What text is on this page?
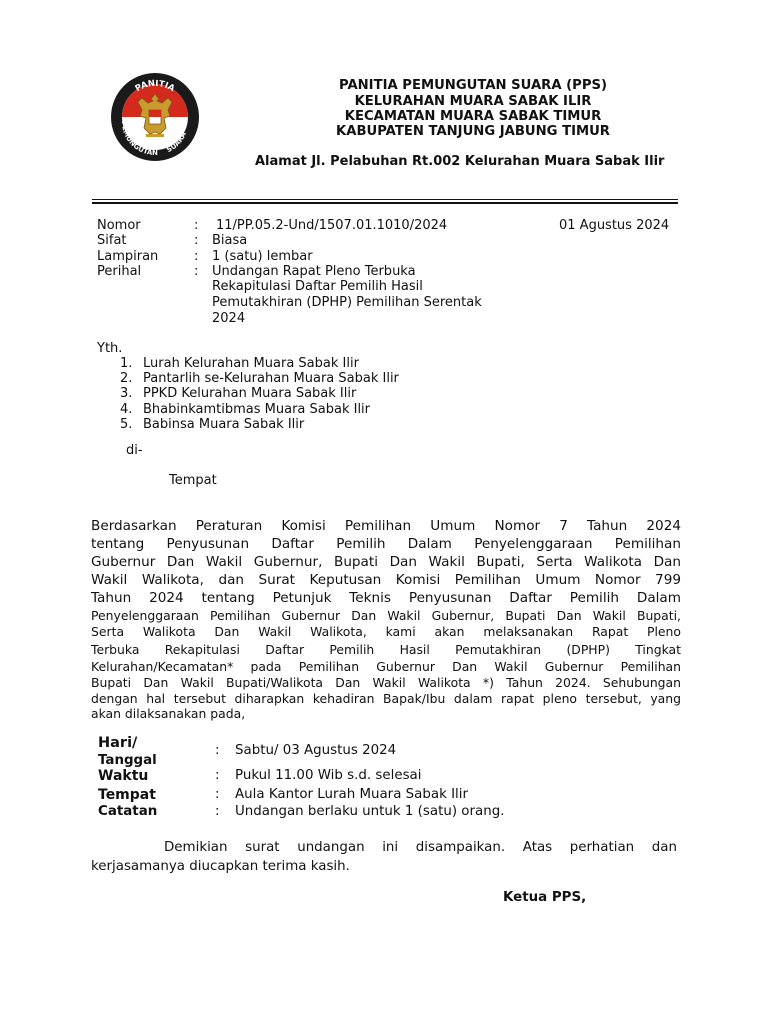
PANITIA
PEMUNGUTAN SUARA
PANITIA PEMUNGUTAN SUARA (PPS)
KELURAHAN MUARA SABAK ILIR
KECAMATAN MUARA SABAK TIMUR
KABUPATEN TANJUNG JABUNG TIMUR
Alamat Jl. Pelabuhan Rt.002 Kelurahan Muara Sabak Ilir
Nomor	: 11/PP.05.2-Und/1507.01.1010/2024	01 Agustus 2024
Sifat	: Biasa
Lampiran	: 1 (satu) lembar
Perihal	: Undangan Rapat Pleno Terbuka
Rekapitulasi Daftar Pemilih Hasil
Pemutakhiran (DPHP) Pemilihan Serentak
2024
Yth.
1. Lurah Kelurahan Muara Sabak Ilir
2. Pantarlih se-Kelurahan Muara Sabak Ilir
3. PPKD Kelurahan Muara Sabak Ilir
4. Bhabinkamtibmas Muara Sabak Ilir
5. Babinsa Muara Sabak Ilir
di-
Tempat
Berdasarkan Peraturan Komisi Pemilihan Umum Nomor 7 Tahun 2024
tentang Penyusunan Daftar Pemilih Dalam Penyelenggaraan Pemilihan
Gubernur Dan Wakil Gubernur, Bupati Dan Wakil Bupati, Serta Walikota Dan
Wakil Walikota, dan Surat Keputusan Komisi Pemilihan Umum Nomor 799
Tahun 2024 tentang Petunjuk Teknis Penyusunan Daftar Pemilih Dalam
Penyelenggaraan Pemilihan Gubernur Dan Wakil Gubernur, Bupati Dan Wakil Bupati,
Serta Walikota Dan Wakil Walikota, kami akan melaksanakan Rapat Pleno
Terbuka Rekapitulasi Daftar Pemilih Hasil Pemutakhiran (DPHP) Tingkat
Kelurahan/Kecamatan* pada Pemilihan Gubernur Dan Wakil Gubernur Pemilihan
Bupati Dan Wakil Bupati/Walikota Dan Wakil Walikota *) Tahun 2024. Sehubungan
dengan hal tersebut diharapkan kehadiran Bapak/Ibu dalam rapat pleno tersebut, yang
akan dilaksanakan pada,
Hari/
Tanggal
: Sabtu/ 03 Agustus 2024
Waktu	: Pukul 11.00 Wib s.d. selesai
Tempat	: Aula Kantor Lurah Muara Sabak Ilir
Catatan	: Undangan berlaku untuk 1 (satu) orang.
Demikian surat undangan ini disampaikan. Atas perhatian dan
kerjasamanya diucapkan terima kasih.
Ketua PPS,
